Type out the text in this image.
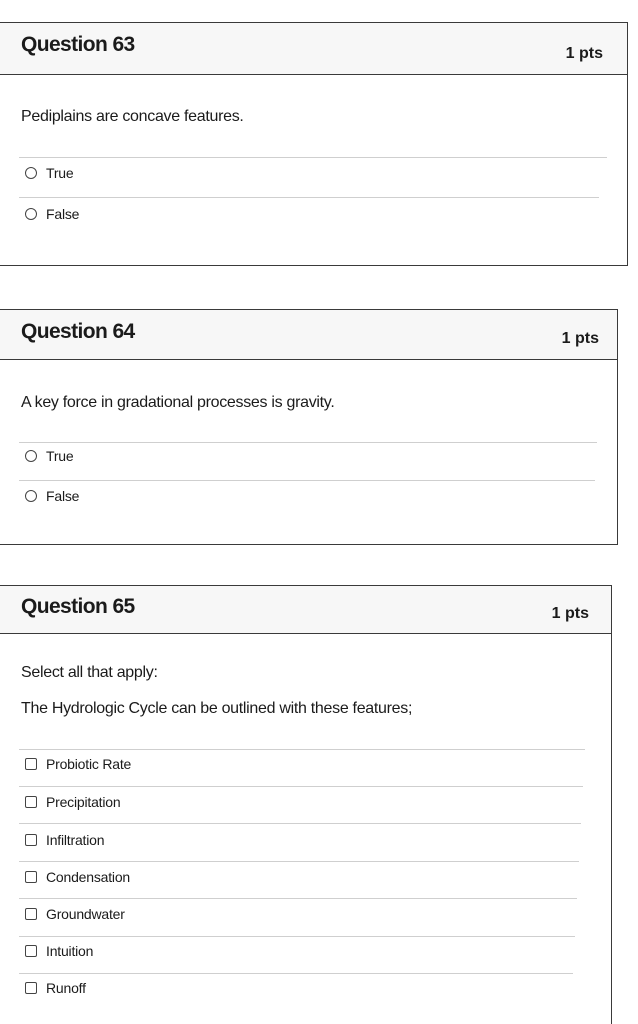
Question 63	1 pts
Pediplains are concave features.
True
False
Question 64	1 pts
A key force in gradational processes is gravity.
True
False
Question 65	1 pts
Select all that apply:
The Hydrologic Cycle can be outlined with these features;
Probiotic Rate
Precipitation
Infiltration
Condensation
Groundwater
Intuition
Runoff
